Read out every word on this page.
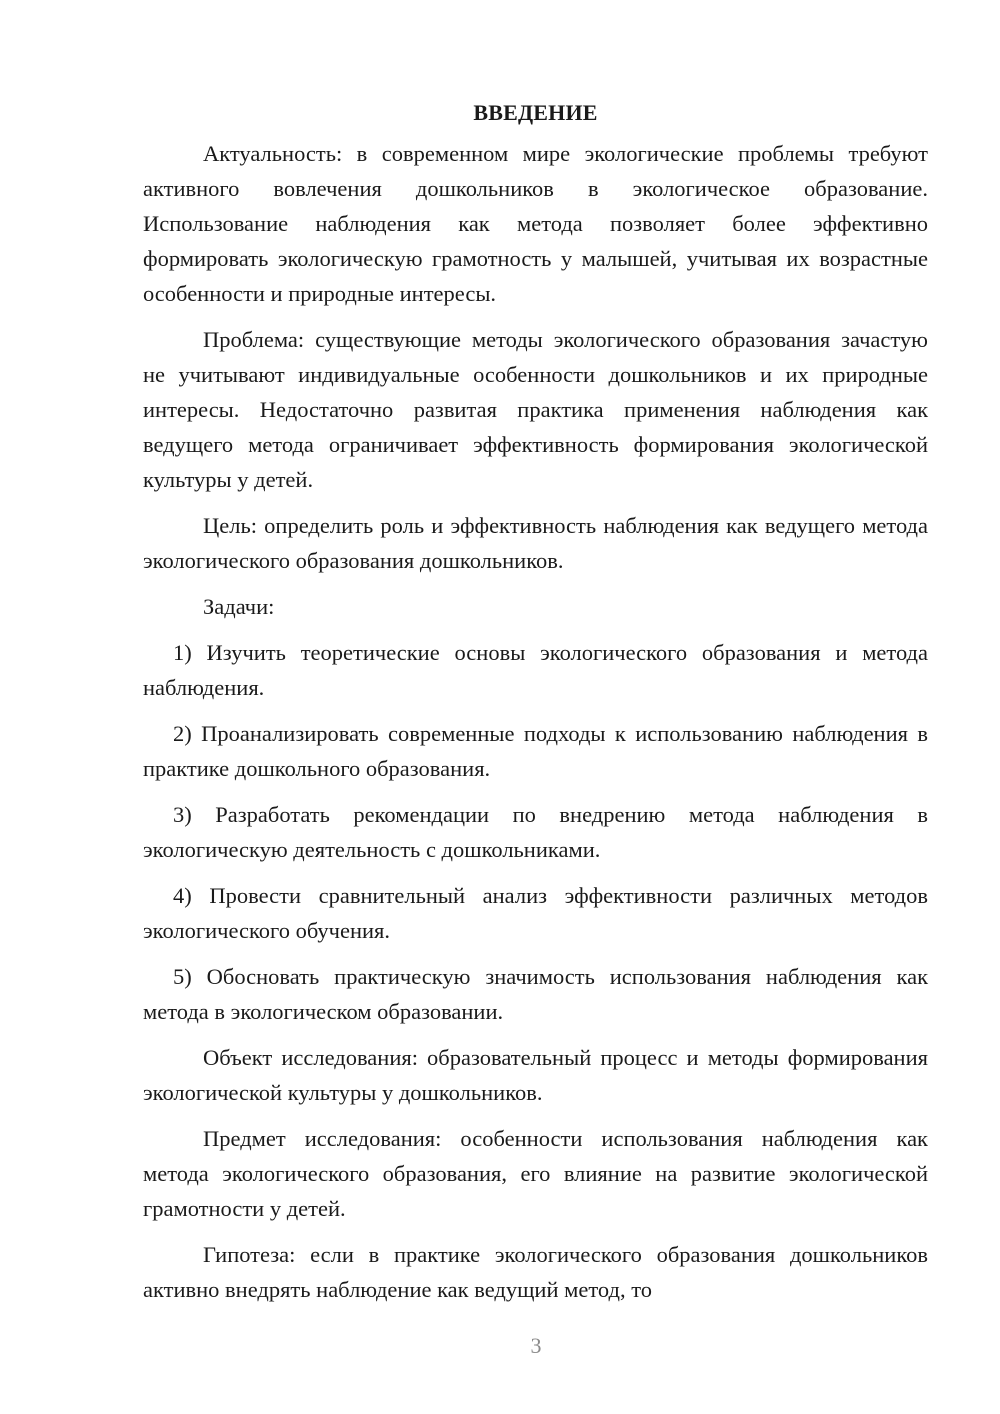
ВВЕДЕНИЕ

Актуальность: в современном мире экологические проблемы требуют активного вовлечения дошкольников в экологическое образование. Использование наблюдения как метода позволяет более эффективно формировать экологическую грамотность у малышей, учитывая их возрастные особенности и природные интересы.

Проблема: существующие методы экологического образования зачастую не учитывают индивидуальные особенности дошкольников и их природные интересы. Недостаточно развитая практика применения наблюдения как ведущего метода ограничивает эффективность формирования экологической культуры у детей.

Цель: определить роль и эффективность наблюдения как ведущего метода экологического образования дошкольников.

Задачи:

1) Изучить теоретические основы экологического образования и метода наблюдения.

2) Проанализировать современные подходы к использованию наблюдения в практике дошкольного образования.

3) Разработать рекомендации по внедрению метода наблюдения в экологическую деятельность с дошкольниками.

4) Провести сравнительный анализ эффективности различных методов экологического обучения.

5) Обосновать практическую значимость использования наблюдения как метода в экологическом образовании.

Объект исследования: образовательный процесс и методы формирования экологической культуры у дошкольников.

Предмет исследования: особенности использования наблюдения как метода экологического образования, его влияние на развитие экологической грамотности у детей.

Гипотеза: если в практике экологического образования дошкольников активно внедрять наблюдение как ведущий метод, то

3
